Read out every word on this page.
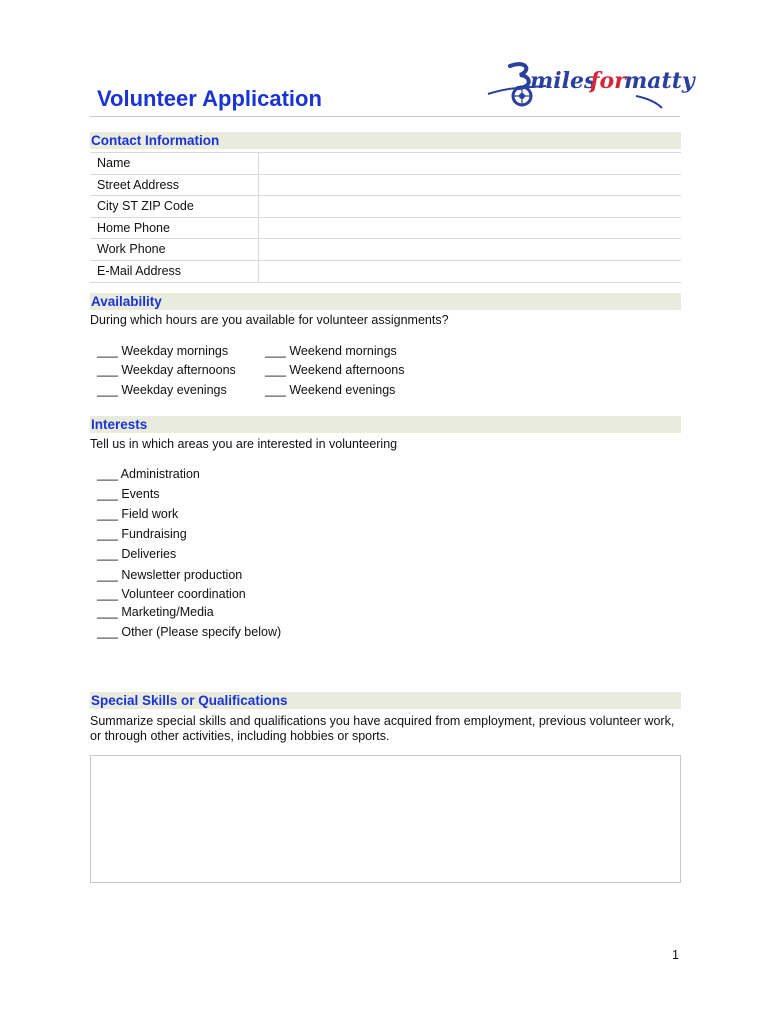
Volunteer Application
miles
for
matty
Contact Information
Name
Street Address
City ST ZIP Code
Home Phone
Work Phone
E-Mail Address
Availability
During which hours are you available for volunteer assignments?
___ Weekday mornings
___ Weekday afternoons
___ Weekday evenings
___ Weekend mornings
___ Weekend afternoons
___ Weekend evenings
Interests
Tell us in which areas you are interested in volunteering
___ Administration
___ Events
___ Field work
___ Fundraising
___ Deliveries
___ Newsletter production
___ Volunteer coordination
___ Marketing/Media
___ Other (Please specify below)
Special Skills or Qualifications
Summarize special skills and qualifications you have acquired from employment, previous volunteer work,
or through other activities, including hobbies or sports.
1
